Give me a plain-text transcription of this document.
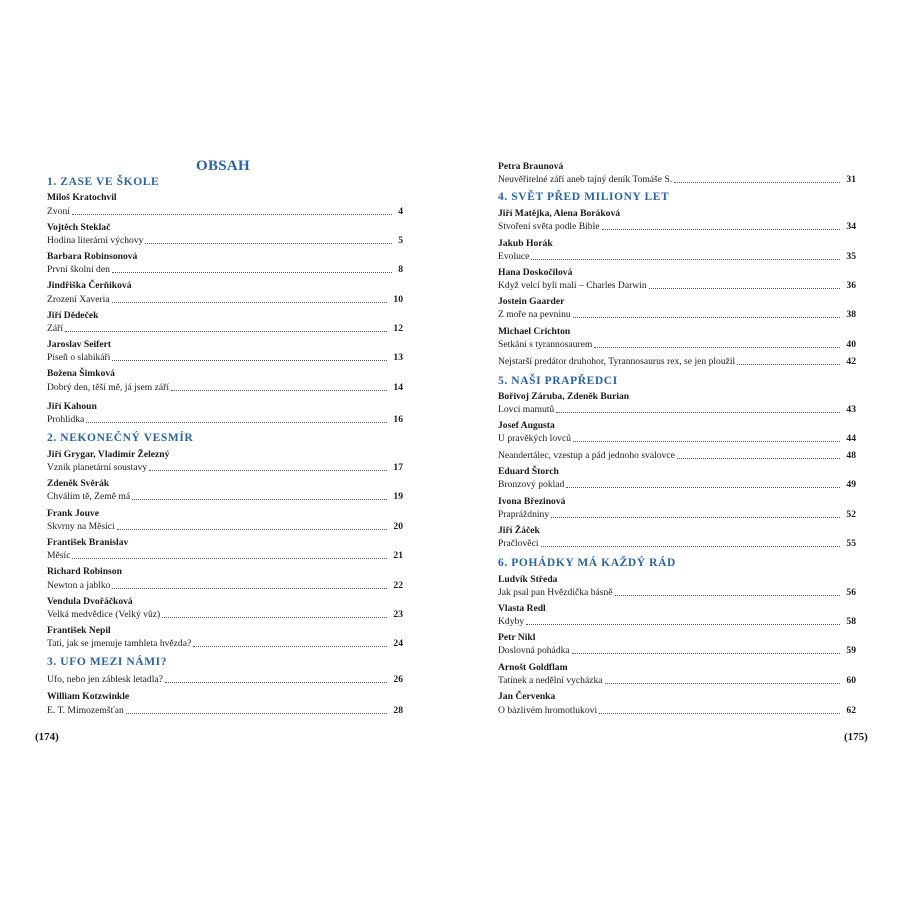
OBSAH
1. ZASE VE ŠKOLE
Miloš Kratochvil
Zvoní	4
Vojtěch Steklač
Hodina literární výchovy	5
Barbara Robinsonová
První školní den	8
Jindřiška Čerňiková
Zrození Xaveria	10
Jiří Dědeček
Září	12
Jaroslav Seifert
Píseň o slabikáři	13
Božena Šimková
Dobrý den, těší mě, já jsem září	14
Jiří Kahoun
Prohlídka	16
2. NEKONEČNÝ VESMÍR
Jiří Grygar, Vladimír Železný
Vznik planetární soustavy	17
Zdeněk Svěrák
Chválím tě, Země má	19
Frank Jouve
Skvrny na Měsíci	20
František Branislav
Měsíc	21
Richard Robinson
Newton a jablko	22
Vendula Dvořáčková
Velká medvědice (Velký vůz)	23
František Nepil
Tati, jak se jmenuje tamhleta hvězda?	24
3. UFO MEZI NÁMI?
Ufo, nebo jen záblesk letadla?	26
William Kotzwinkle
E. T. Mimozemšťan	28
(174)
Petra Braunová
Neuvěřitelné září aneb tajný deník Tomáše S.	31
4. SVĚT PŘED MILIONY LET
Jiří Matějka, Alena Boráková
Stvoření světa podle Bible	34
Jakub Horák
Evoluce	35
Hana Doskočilová
Když velcí byli malí – Charles Darwin	36
Jostein Gaarder
Z moře na pevninu	38
Michael Crichton
Setkání s tyrannosaurem	40
Nejstarší predátor druhohor, Tyrannosaurus rex, se jen ploužil	42
5. NAŠI PRAPŘEDCI
Bořivoj Záruba, Zdeněk Burian
Lovci mamutů	43
Josef Augusta
U pravěkých lovců	44
Neandertálec, vzestup a pád jednoho svalovce	48
Eduard Štorch
Bronzový poklad	49
Ivona Březinová
Prapráždniny	52
Jiří Žáček
Pračlověci	55
6. POHÁDKY MÁ KAŽDÝ RÁD
Ludvík Středa
Jak psal pan Hvězdička básně	56
Vlasta Redl
Kdyby	58
Petr Nikl
Doslovná pohádka	59
Arnošt Goldflam
Tatínek a nedělní vycházka	60
Jan Červenka
O bázlivém hromotlukovi	62
(175)
